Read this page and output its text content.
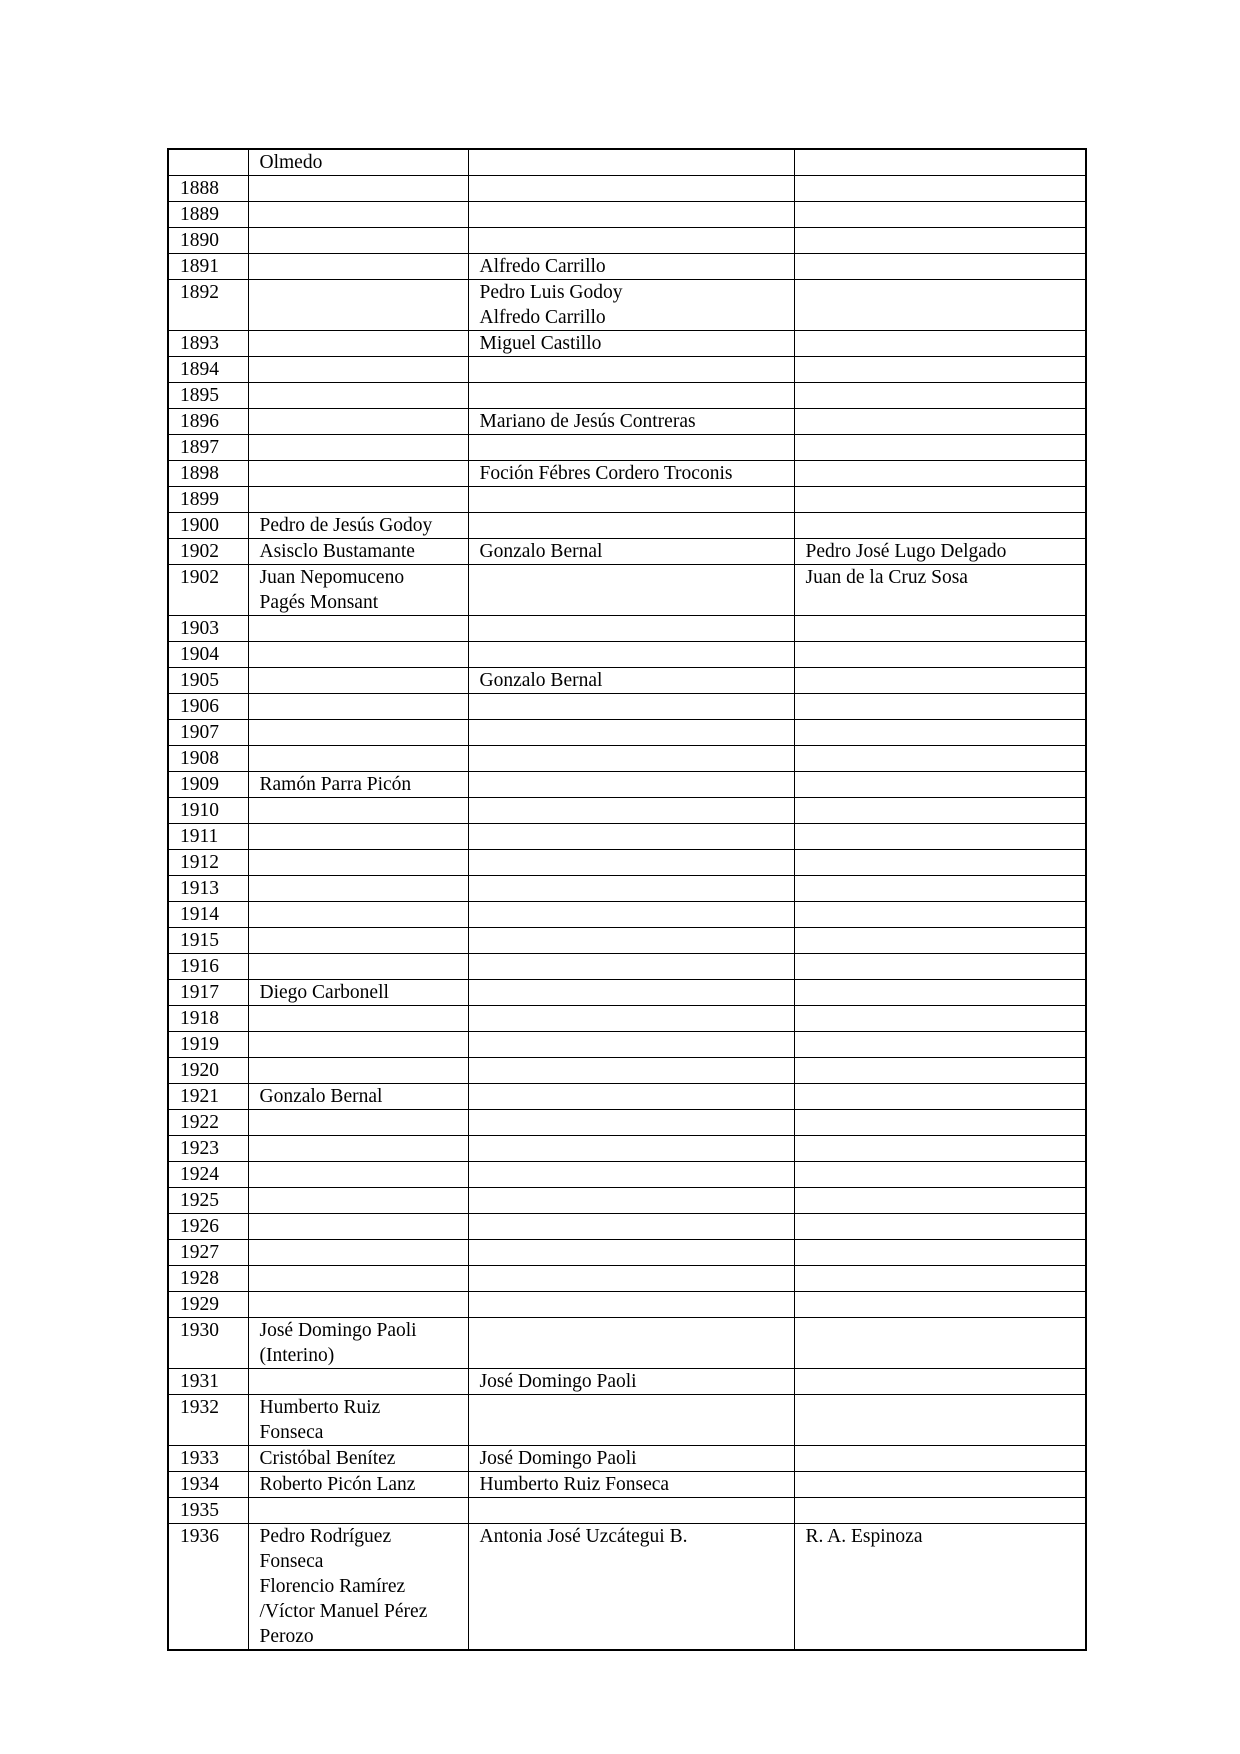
	Olmedo		

1888			
1889			
1890			
1891		Alfredo Carrillo	

1892		Pedro Luis Godoy
Alfredo Carrillo	

1893		Miguel Castillo	

1894			
1895			
1896		Mariano de Jesús Contreras	

1897			
1898		Foción Fébres Cordero Troconis	

1899			
1900	Pedro de Jesús Godoy		

1902	Asisclo Bustamante	Gonzalo Bernal	Pedro José Lugo Delgado

1902	Juan Nepomuceno
Pagés Monsant		Juan de la Cruz Sosa

1903			
1904			
1905		Gonzalo Bernal	

1906			
1907			
1908			
1909	Ramón Parra Picón		

1910			
1911			
1912			
1913			
1914			
1915			
1916			
1917	Diego Carbonell		

1918			
1919			
1920			
1921	Gonzalo Bernal		

1922			
1923			
1924			
1925			
1926			
1927			
1928			
1929			
1930	José Domingo Paoli
(Interino)		

1931		José Domingo Paoli	

1932	Humberto Ruiz
Fonseca		

1933	Cristóbal Benítez	José Domingo Paoli	

1934	Roberto Picón Lanz	Humberto Ruiz Fonseca	

1935			
1936	Pedro Rodríguez
Fonseca
Florencio Ramírez
/Víctor Manuel Pérez
Perozo	Antonia José Uzcátegui B.	R. A. Espinoza
